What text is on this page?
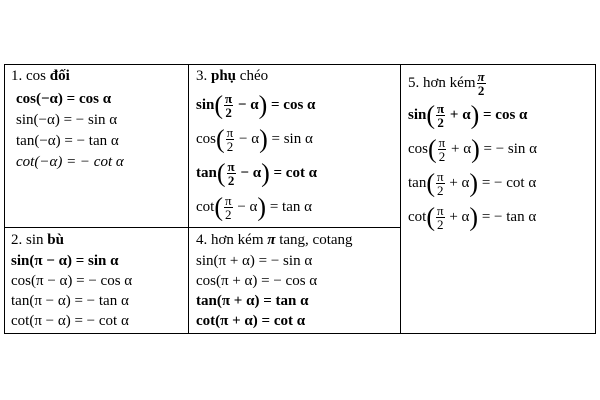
1. cos đối
cos(−α) = cos α
sin(−α) = − sin α
tan(−α) = − tan α
cot(−α) = − cot α
2. sin bù
sin(π − α) = sin α
cos(π − α) = − cos α
tan(π − α) = − tan α
cot(π − α) = − cot α
3. phụ chéo
$\sin( \frac{\pi}{2} - \alpha) = \cos \alpha$
$\cos( \frac{\pi}{2} - \alpha) = \sin \alpha$
$\tan( \frac{\pi}{2} - \alpha) = \cot \alpha$
$\cot( \frac{\pi}{2} - \alpha) = \tan \alpha$
4. hơn kém π tang, cotang
sin(π + α) = − sin α
cos(π + α) = − cos α
tan(π + α) = tan α
cot(π + α) = cot α
5. hơn kém $\frac{\pi}{2}$
$\sin( \frac{\pi}{2} + \alpha) = \cos \alpha$
$\cos( \frac{\pi}{2} + \alpha)$ = − sin α
$\tan( \frac{\pi}{2} + \alpha)$ = − cot α
$\cot( \frac{\pi}{2} + \alpha)$ = − tan α
